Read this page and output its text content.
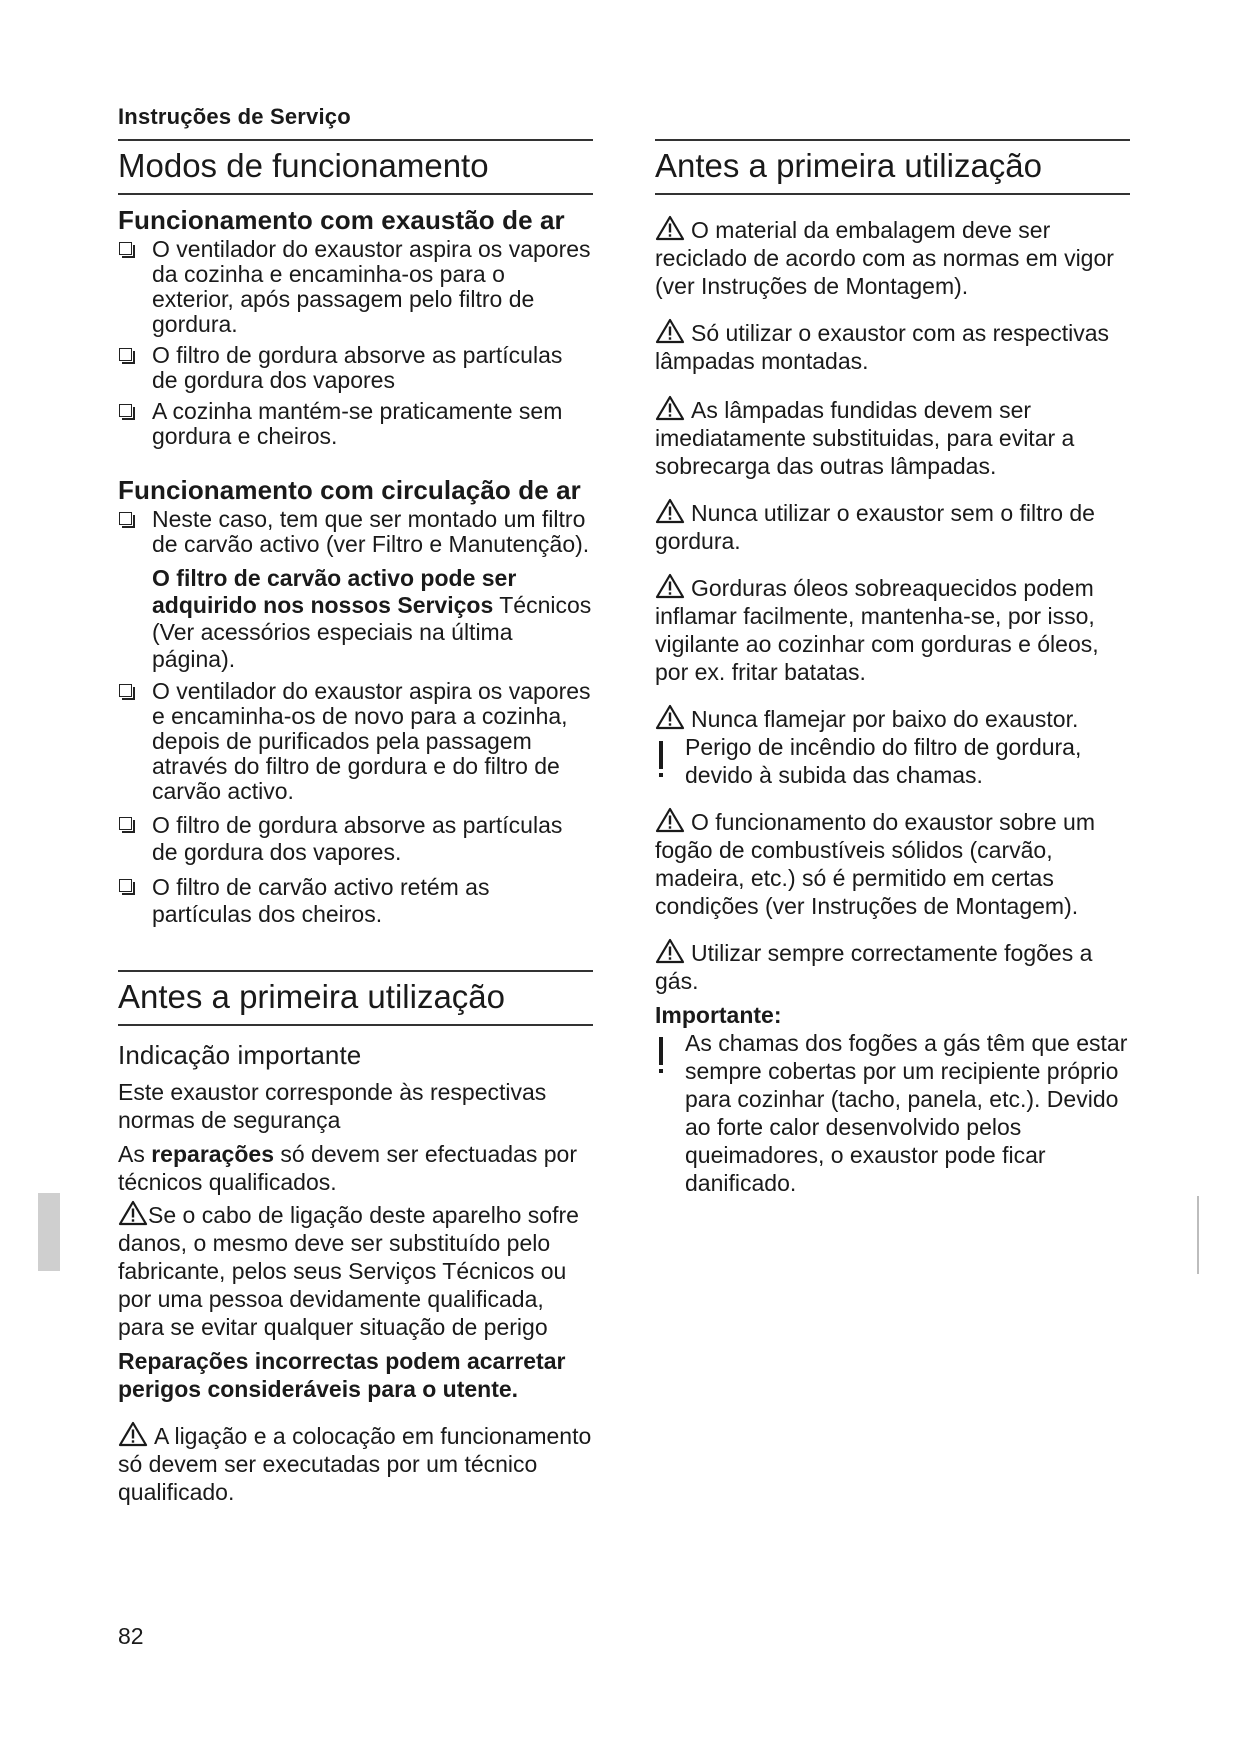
Instruções de Serviço
Modos de funcionamento
Funcionamento com exaustão de ar
O ventilador do exaustor aspira os vapores da cozinha e encaminha-os para o exterior, após passagem pelo filtro de gordura.
O filtro de gordura absorve as partículas de gordura dos vapores
A cozinha mantém-se praticamente sem gordura e cheiros.
Funcionamento com circulação de ar
Neste caso, tem que ser montado um filtro de carvão activo (ver Filtro e Manutenção).

O filtro de carvão activo pode ser adquirido nos nossos Serviços Técnicos (Ver acessórios especiais na última página).

O ventilador do exaustor aspira os vapores e encaminha-os de novo para a cozinha, depois de purificados pela passagem através do filtro de gordura e do filtro de carvão activo.
O filtro de gordura absorve as partículas de gordura dos vapores.
O filtro de carvão activo retém as partículas dos cheiros.
Antes a primeira utilização
Indicação importante

Este exaustor corresponde às respectivas normas de segurança

As reparações só devem ser efectuadas por técnicos qualificados.

Se o cabo de ligação deste aparelho sofre danos, o mesmo deve ser substituído pelo fabricante, pelos seus Serviços Técnicos ou por uma pessoa devidamente qualificada, para se evitar qualquer situação de perigo

Reparações incorrectas podem acarretar perigos consideráveis para o utente.

A ligação e a colocação em funcionamento só devem ser executadas por um técnico qualificado.

Antes a primeira utilização

O material da embalagem deve ser reciclado de acordo com as normas em vigor (ver Instruções de Montagem).

Só utilizar o exaustor com as respectivas lâmpadas montadas.

As lâmpadas fundidas devem ser imediatamente substituidas, para evitar a sobrecarga das outras lâmpadas.

Nunca utilizar o exaustor sem o filtro de gordura.

Gorduras óleos sobreaquecidos podem inflamar facilmente, mantenha-se, por isso, vigilante ao cozinhar com gorduras e óleos, por ex. fritar batatas.

Nunca flamejar por baixo do exaustor.

Perigo de incêndio do filtro de gordura, devido à subida das chamas.

O funcionamento do exaustor sobre um fogão de combustíveis sólidos (carvão, madeira, etc.) só é permitido em certas condições (ver Instruções de Montagem).

Utilizar sempre correctamente fogões a gás.

Importante:

As chamas dos fogões a gás têm que estar sempre cobertas por um recipiente próprio para cozinhar (tacho, panela, etc.). Devido ao forte calor desenvolvido pelos queimadores, o exaustor pode ficar danificado.
82
